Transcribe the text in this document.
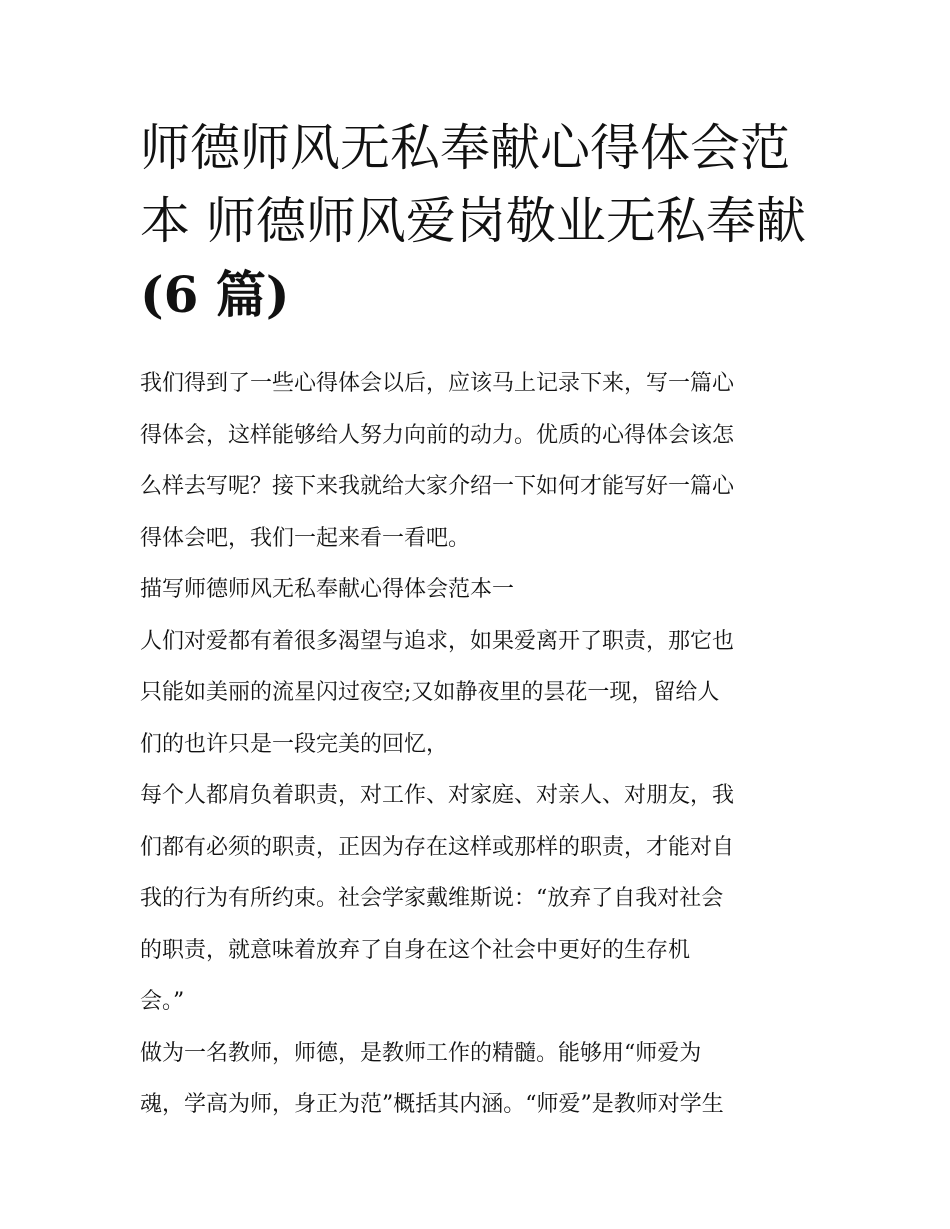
师德师风无私奉献心得体会范
本 师德师风爱岗敬业无私奉献
(6 篇)
我们得到了一些心得体会以后，应该马上记录下来，写一篇心
得体会，这样能够给人努力向前的动力。优质的心得体会该怎
么样去写呢？接下来我就给大家介绍一下如何才能写好一篇心
得体会吧，我们一起来看一看吧。
描写师德师风无私奉献心得体会范本一
人们对爱都有着很多渴望与追求，如果爱离开了职责，那它也
只能如美丽的流星闪过夜空;又如静夜里的昙花一现，留给人
们的也许只是一段完美的回忆，
每个人都肩负着职责，对工作、对家庭、对亲人、对朋友，我
们都有必须的职责，正因为存在这样或那样的职责，才能对自
我的行为有所约束。社会学家戴维斯说：“放弃了自我对社会
的职责，就意味着放弃了自身在这个社会中更好的生存机
会。”
做为一名教师，师德，是教师工作的精髓。能够用“师爱为
魂，学高为师，身正为范”概括其内涵。“师爱”是教师对学生
